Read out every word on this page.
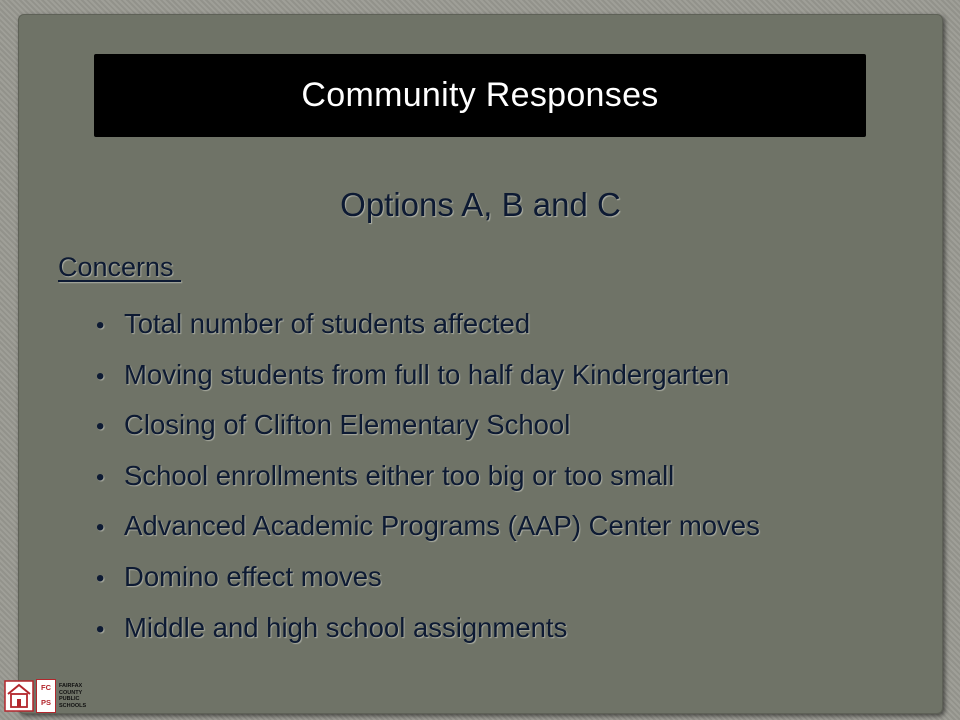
Community Responses
Options A, B and C
Concerns
• Total number of students affected
• Moving students from full to half day Kindergarten
• Closing of Clifton Elementary School
• School enrollments either too big or too small
• Advanced Academic Programs (AAP) Center moves
• Domino effect moves
• Middle and high school assignments
FC
PS
FAIRFAX
COUNTY
PUBLIC
SCHOOLS
